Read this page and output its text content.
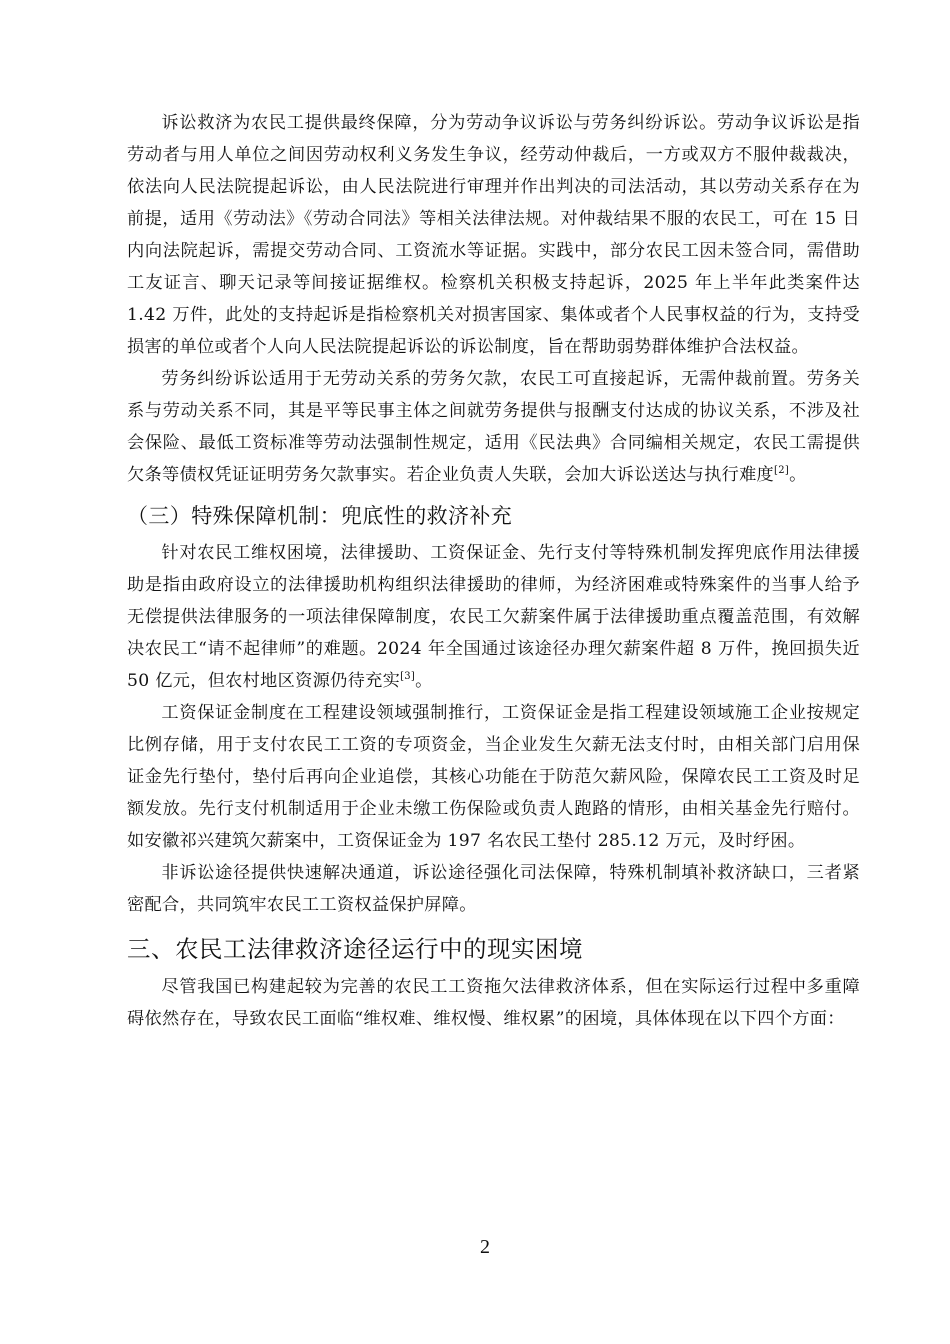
诉讼救济为农民工提供最终保障，分为劳动争议诉讼与劳务纠纷诉讼。劳动争议诉讼是指劳动者与用人单位之间因劳动权利义务发生争议，经劳动仲裁后，一方或双方不服仲裁裁决，依法向人民法院提起诉讼，由人民法院进行审理并作出判决的司法活动，其以劳动关系存在为前提，适用《劳动法》《劳动合同法》等相关法律法规。对仲裁结果不服的农民工，可在 15 日内向法院起诉，需提交劳动合同、工资流水等证据。实践中，部分农民工因未签合同，需借助工友证言、聊天记录等间接证据维权。检察机关积极支持起诉，2025 年上半年此类案件达 1.42 万件，此处的支持起诉是指检察机关对损害国家、集体或者个人民事权益的行为，支持受损害的单位或者个人向人民法院提起诉讼的诉讼制度，旨在帮助弱势群体维护合法权益。

劳务纠纷诉讼适用于无劳动关系的劳务欠款，农民工可直接起诉，无需仲裁前置。劳务关系与劳动关系不同，其是平等民事主体之间就劳务提供与报酬支付达成的协议关系，不涉及社会保险、最低工资标准等劳动法强制性规定，适用《民法典》合同编相关规定，农民工需提供欠条等债权凭证证明劳务欠款事实。若企业负责人失联，会加大诉讼送达与执行难度[2]。

（三）特殊保障机制：兜底性的救济补充

针对农民工维权困境，法律援助、工资保证金、先行支付等特殊机制发挥兜底作用法律援助是指由政府设立的法律援助机构组织法律援助的律师，为经济困难或特殊案件的当事人给予无偿提供法律服务的一项法律保障制度，农民工欠薪案件属于法律援助重点覆盖范围，有效解决农民工“请不起律师”的难题。2024 年全国通过该途径办理欠薪案件超 8 万件，挽回损失近 50 亿元，但农村地区资源仍待充实[3]。

工资保证金制度在工程建设领域强制推行，工资保证金是指工程建设领域施工企业按规定比例存储，用于支付农民工工资的专项资金，当企业发生欠薪无法支付时，由相关部门启用保证金先行垫付，垫付后再向企业追偿，其核心功能在于防范欠薪风险，保障农民工工资及时足额发放。先行支付机制适用于企业未缴工伤保险或负责人跑路的情形，由相关基金先行赔付。如安徽祁兴建筑欠薪案中，工资保证金为 197 名农民工垫付 285.12 万元，及时纾困。

非诉讼途径提供快速解决通道，诉讼途径强化司法保障，特殊机制填补救济缺口，三者紧密配合，共同筑牢农民工工资权益保护屏障。

三、农民工法律救济途径运行中的现实困境

尽管我国已构建起较为完善的农民工工资拖欠法律救济体系，但在实际运行过程中多重障碍依然存在，导致农民工面临“维权难、维权慢、维权累”的困境，具体体现在以下四个方面：

2
